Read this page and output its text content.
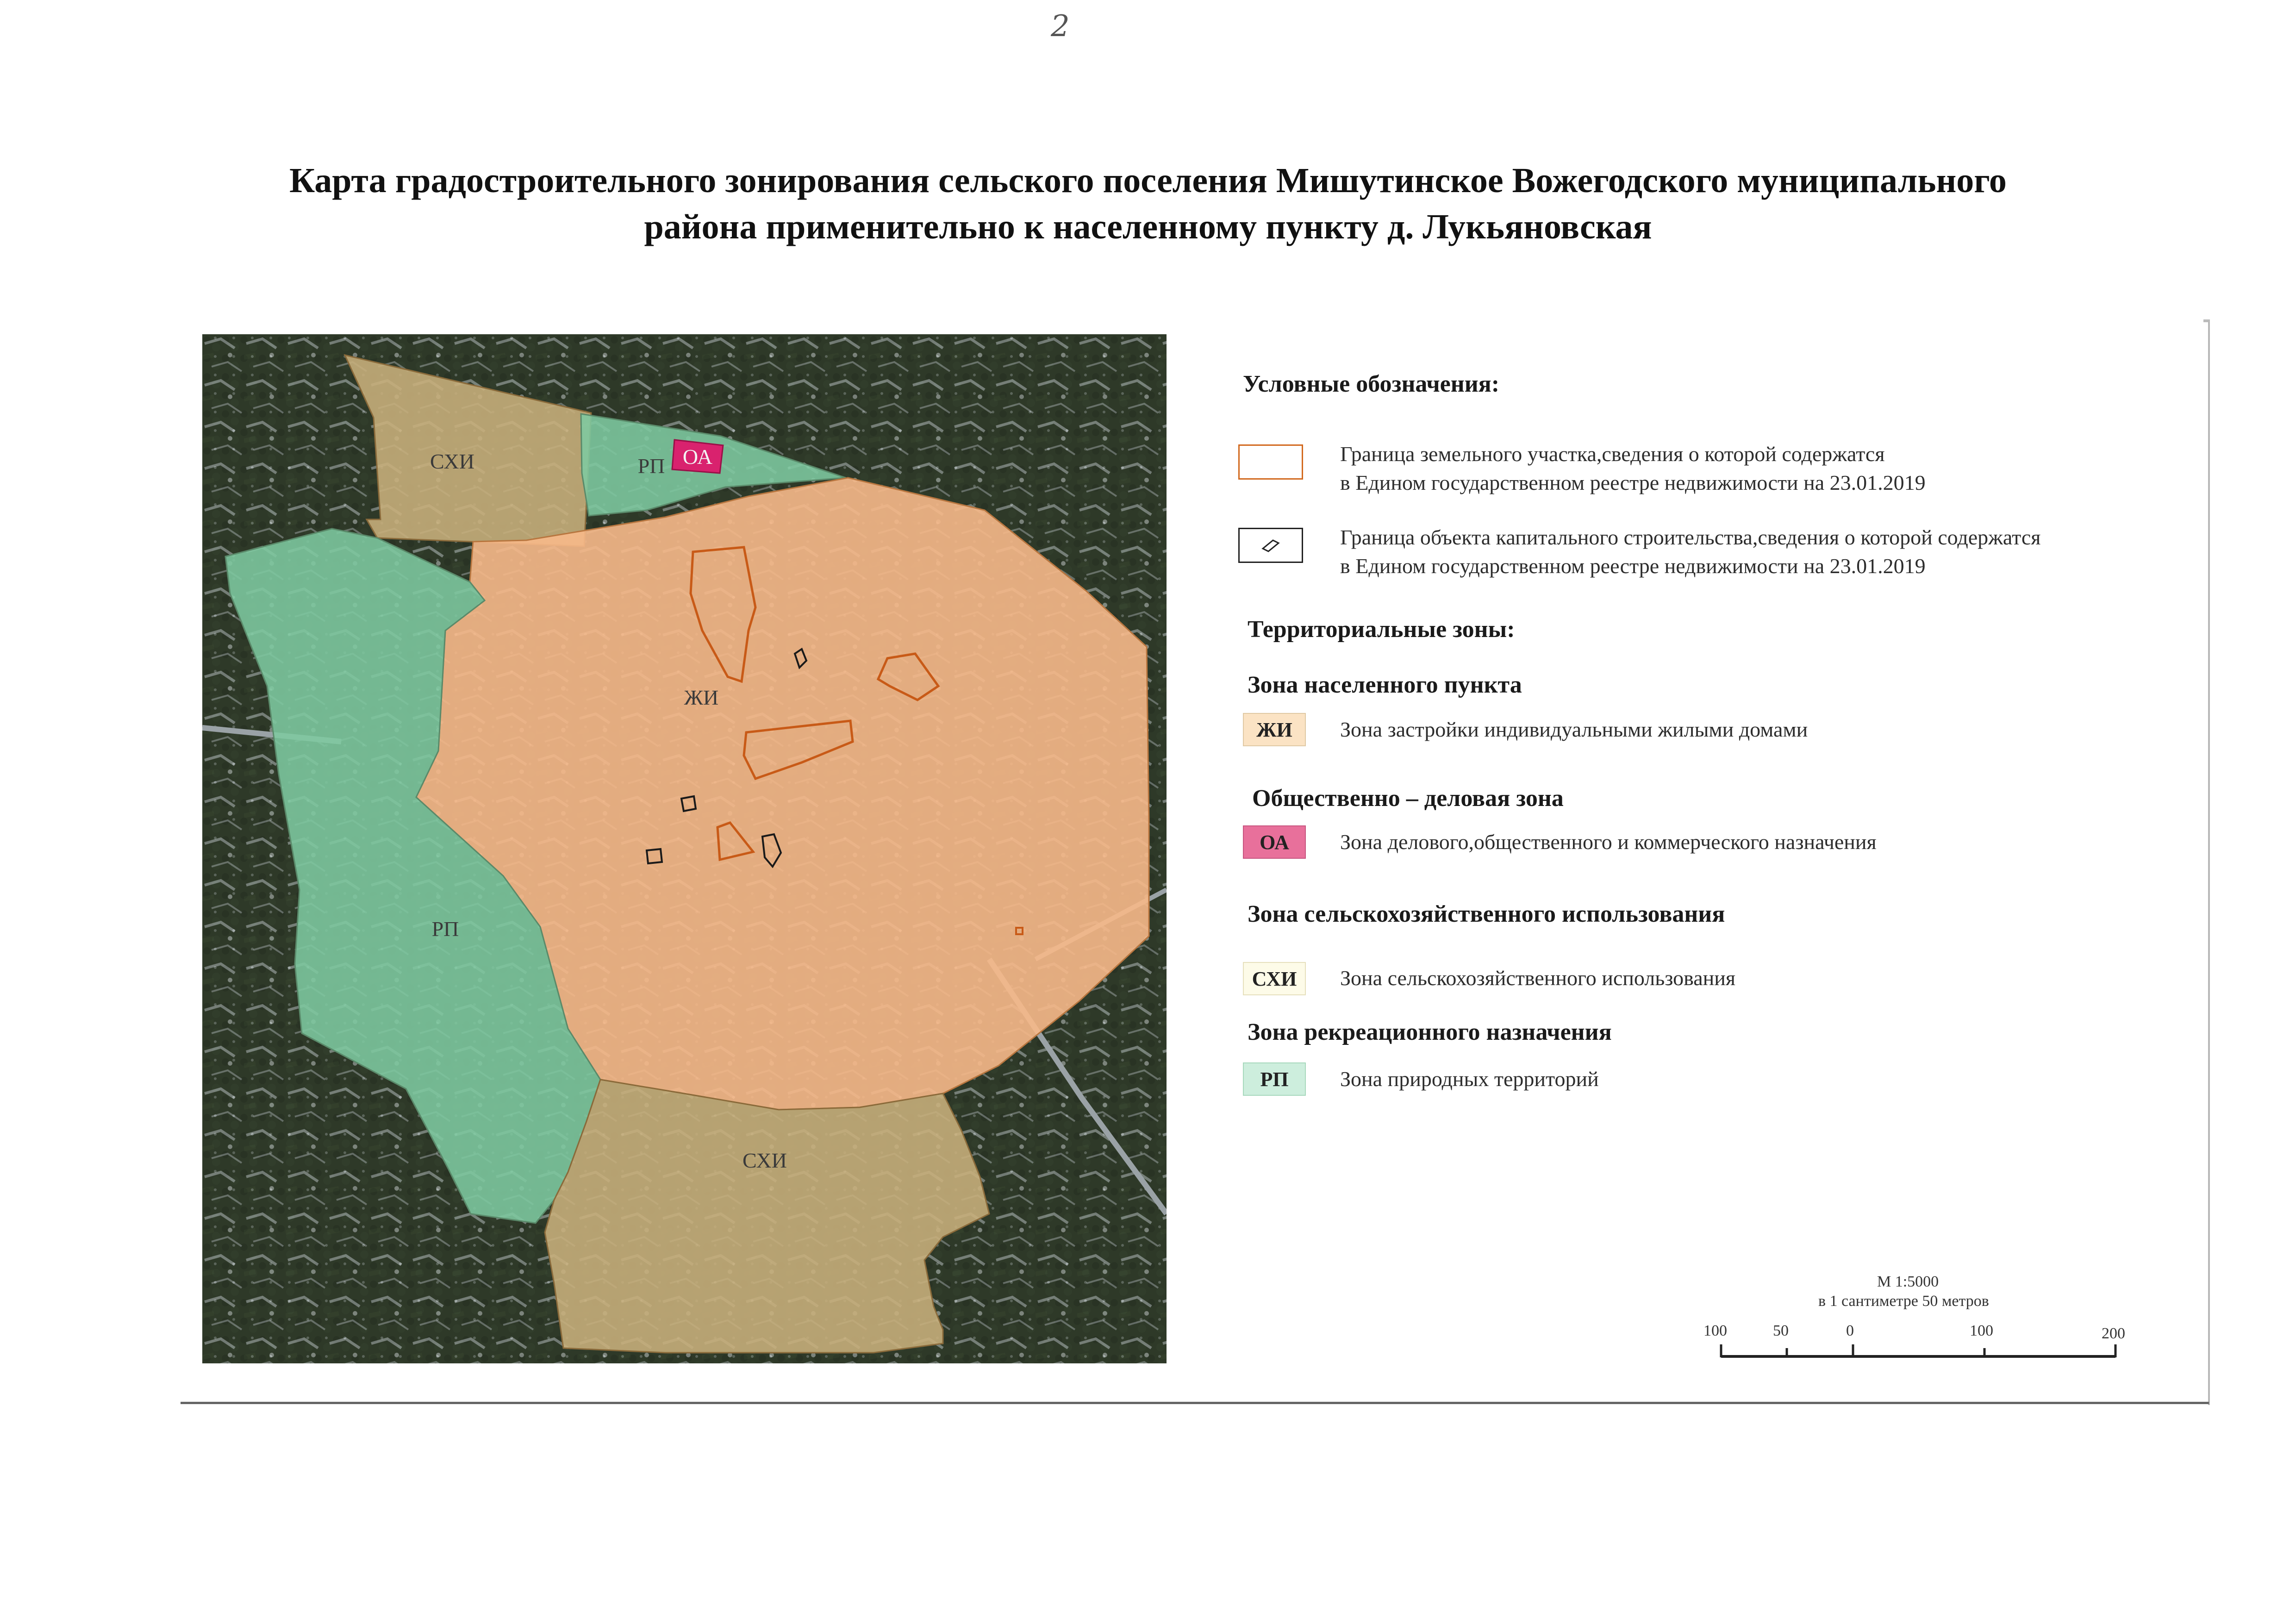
2
Карта градостроительного зонирования сельского поселения Мишутинское Вожегодского муниципального
района применительно к населенному пункту д. Лукьяновская
СХИ	РП ОА
ЖИ
РП
СХИ
Условные обозначения:
Граница земельного участка,сведения о которой содержатся
в Едином государственном реестре недвижимости на 23.01.2019
Граница объекта капитального строительства,сведения о которой содержатся
в Едином государственном реестре недвижимости на 23.01.2019
Территориальные зоны:
Зона населенного пункта
ЖИ	Зона застройки индивидуальными жилыми домами
Общественно – деловая зона
ОА	Зона делового,общественного и коммерческого назначения
Зона сельскохозяйственного использования
СХИ	Зона сельскохозяйственного использования
Зона рекреационного назначения
РП	Зона природных территорий
М 1:5000
в 1 сантиметре 50 метров
100	50	0	100	200
